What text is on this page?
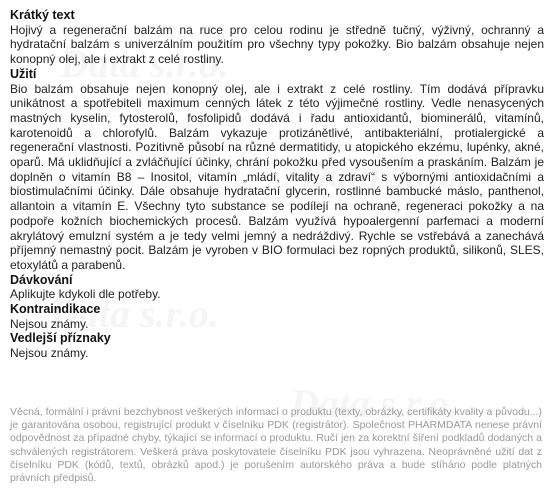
Krátký text
Hojivý a regenerační balzám na ruce pro celou rodinu je středně tučný, výživný, ochranný a hydratační balzám s univerzálním použitím pro všechny typy pokožky. Bio balzám obsahuje nejen konopný olej, ale i extrakt z celé rostliny.
Užití
Bio balzám obsahuje nejen konopný olej, ale i extrakt z celé rostliny. Tím dodává přípravku unikátnost a spotřebiteli maximum cenných látek z této výjimečné rostliny. Vedle nenasycených mastných kyselin, fytosterolů, fosfolipidů dodává i řadu antioxidantů, biominerálů, vitamínů, karotenoidů a chlorofylů. Balzám vykazuje protizánětlivé, antibakteriální, protialergické a regenerační vlastnosti. Pozitivně působí na různé dermatitidy, u atopického ekzému, lupénky, akné, oparů. Má uklidňující a zvláčňující účinky, chrání pokožku před vysoušením a praskáním. Balzám je doplněn o vitamín B8 – Inositol, vitamín „mládí, vitality a zdraví“ s výbornými antioxidačními a biostimulačními účinky. Dále obsahuje hydratační glycerin, rostlinné bambucké máslo, panthenol, allantoin a vitamín E. Všechny tyto substance se podílejí na ochraně, regeneraci pokožky a na podpoře kožních biochemických procesů. Balzám využívá hypoalergenní parfemaci a moderní akrylátový emulzní systém a je tedy velmi jemný a nedráždivý. Rychle se vstřebává a zanechává příjemný nemastný pocit. Balzám je vyroben v BIO formulaci bez ropných produktů, silikonů, SLES, etoxylátů a parabenů.
Dávkování
Aplikujte kdykoli dle potřeby.
Kontraindikace
Nejsou známy.
Vedlejší příznaky
Nejsou známy.
Věcná, formální i právní bezchybnost veškerých informací o produktu (texty, obrázky, certifikáty kvality a původu...) je garantována osobou, registrující produkt v číselníku PDK (registrátor). Společnost PHARMDATA nenese právní odpovědnost za případné chyby, týkající se informací o produktu. Ručí jen za korektní šíření podkladů dodaných a schválených registrátorem. Veškerá práva poskytovatele číselníku PDK jsou vyhrazena. Neoprávněné užití dat z číselníku PDK (kódů, textů, obrázků apod.) je porušením autorského práva a bude stíháno podle platných právních předpisů.
